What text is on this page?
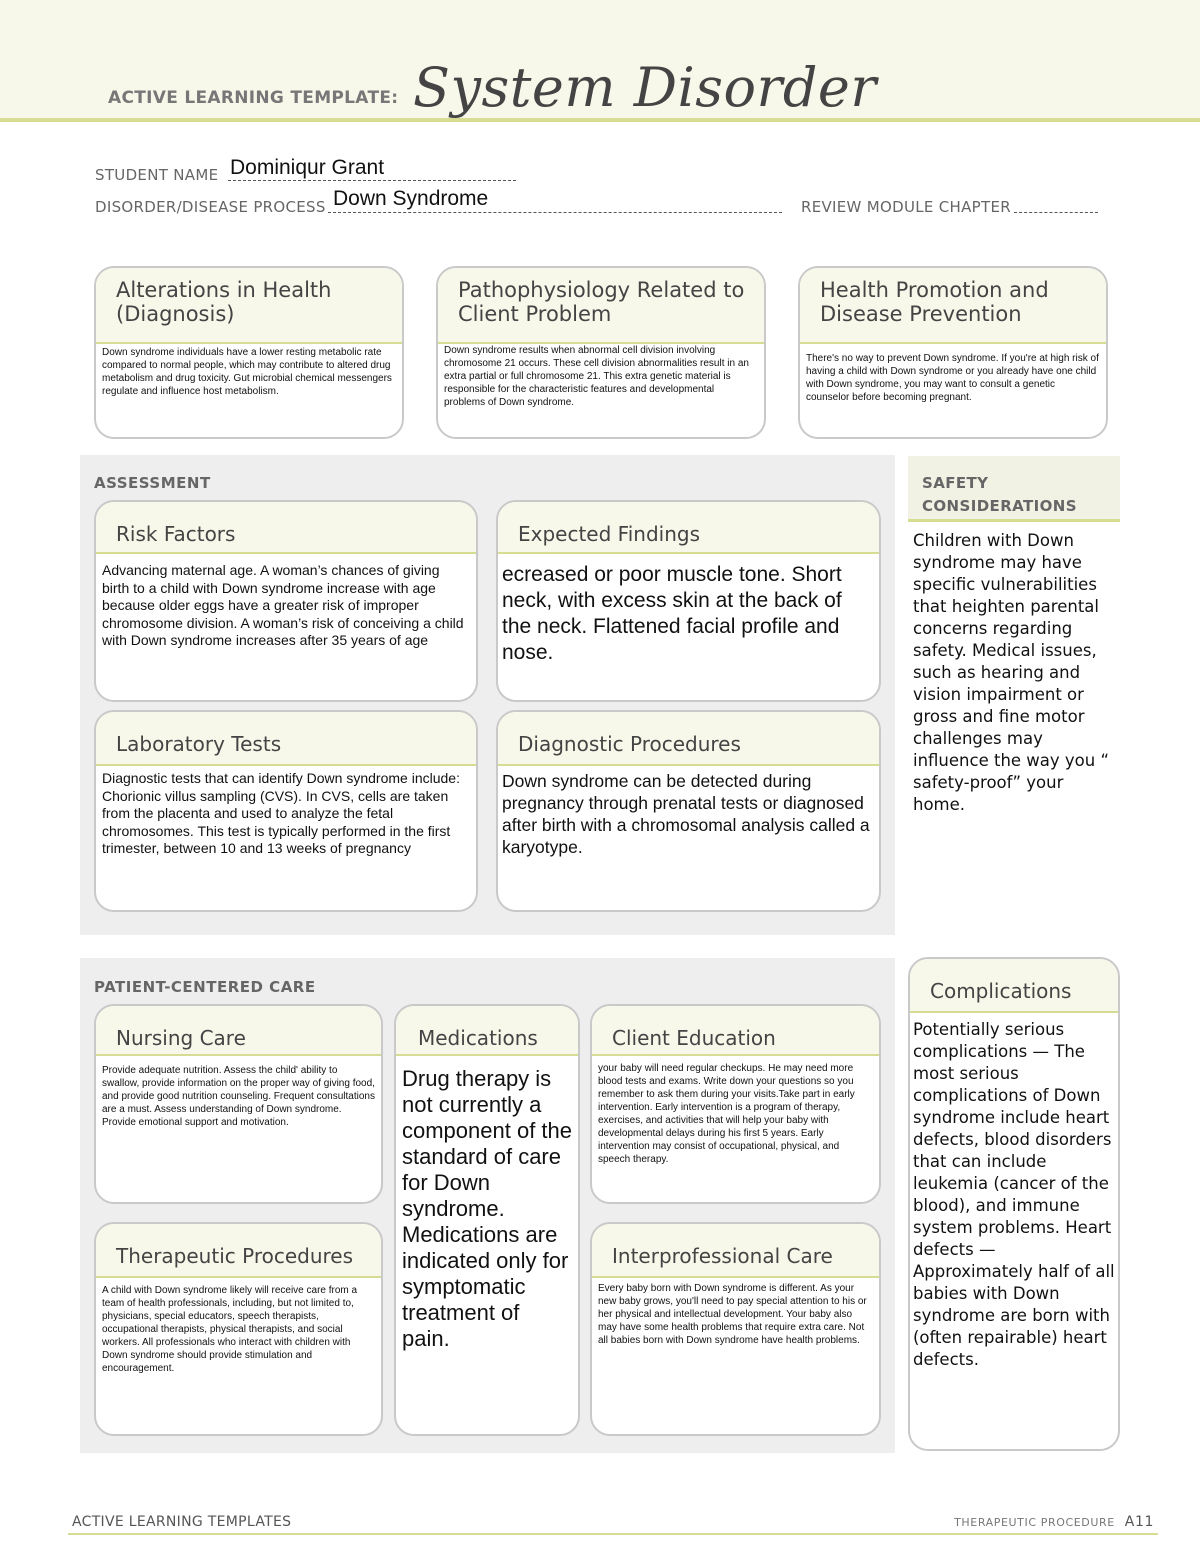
ACTIVE LEARNING TEMPLATE: System Disorder
STUDENT NAME Dominiqur Grant
DISORDER/DISEASE PROCESS Down Syndrome	REVIEW MODULE CHAPTER
Alterations in Health (Diagnosis)
Down syndrome individuals have a lower resting metabolic rate compared to normal people, which may contribute to altered drug metabolism and drug toxicity. Gut microbial chemical messengers regulate and influence host metabolism.
Pathophysiology Related to Client Problem
Down syndrome results when abnormal cell division involving chromosome 21 occurs. These cell division abnormalities result in an extra partial or full chromosome 21. This extra genetic material is responsible for the characteristic features and developmental problems of Down syndrome.
Health Promotion and Disease Prevention
There's no way to prevent Down syndrome. If you're at high risk of having a child with Down syndrome or you already have one child with Down syndrome, you may want to consult a genetic counselor before becoming pregnant.
ASSESSMENT
Risk Factors
Advancing maternal age. A woman’s chances of giving birth to a child with Down syndrome increase with age because older eggs have a greater risk of improper chromosome division. A woman’s risk of conceiving a child with Down syndrome increases after 35 years of age
Expected Findings
ecreased or poor muscle tone. Short neck, with excess skin at the back of the neck. Flattened facial profile and nose.
Laboratory Tests
Diagnostic tests that can identify Down syndrome include: Chorionic villus sampling (CVS). In CVS, cells are taken from the placenta and used to analyze the fetal chromosomes. This test is typically performed in the first trimester, between 10 and 13 weeks of pregnancy
Diagnostic Procedures
Down syndrome can be detected during pregnancy through prenatal tests or diagnosed after birth with a chromosomal analysis called a karyotype.
SAFETY CONSIDERATIONS
Children with Down syndrome may have specific vulnerabilities that heighten parental concerns regarding safety. Medical issues, such as hearing and vision impairment or gross and fine motor challenges may influence the way you “ safety-proof” your home.
PATIENT-CENTERED CARE
Nursing Care
Provide adequate nutrition. Assess the child' ability to swallow, provide information on the proper way of giving food, and provide good nutrition counseling. Frequent consultations are a must. Assess understanding of Down syndrome. Provide emotional support and motivation.
Medications
Drug therapy is not currently a component of the standard of care for Down syndrome. Medications are indicated only for symptomatic treatment of pain.
Client Education
your baby will need regular checkups. He may need more blood tests and exams. Write down your questions so you remember to ask them during your visits.Take part in early intervention. Early intervention is a program of therapy, exercises, and activities that will help your baby with developmental delays during his first 5 years. Early intervention may consist of occupational, physical, and speech therapy.
Therapeutic Procedures
A child with Down syndrome likely will receive care from a team of health professionals, including, but not limited to, physicians, special educators, speech therapists, occupational therapists, physical therapists, and social workers. All professionals who interact with children with Down syndrome should provide stimulation and encouragement.
Interprofessional Care
Every baby born with Down syndrome is different. As your new baby grows, you'll need to pay special attention to his or her physical and intellectual development. Your baby also may have some health problems that require extra care. Not all babies born with Down syndrome have health problems.
Complications
Potentially serious complications — The most serious complications of Down syndrome include heart defects, blood disorders that can include leukemia (cancer of the blood), and immune system problems. Heart defects — Approximately half of all babies with Down syndrome are born with (often repairable) heart defects.
ACTIVE LEARNING TEMPLATES	THERAPEUTIC PROCEDURE A11
